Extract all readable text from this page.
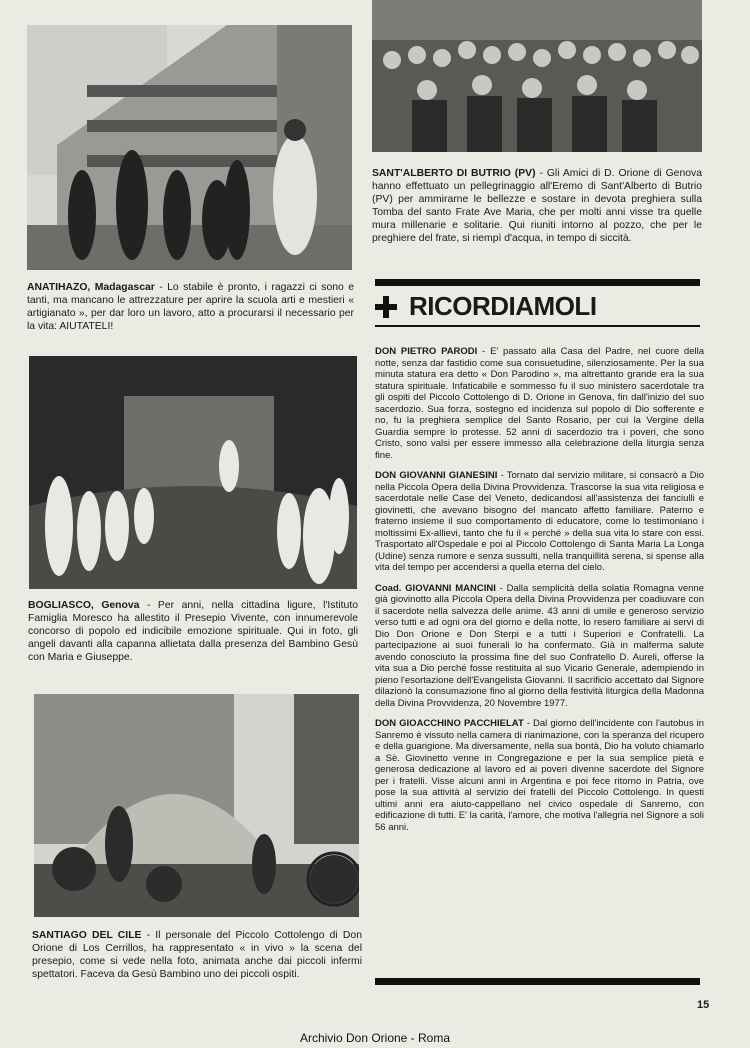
ANATIHAZO, Madagascar - Lo stabile è pronto, i ragazzi ci sono e tanti, ma mancano le attrezzature per aprire la scuola arti e mestieri « artigianato », per dar loro un lavoro, atto a procurarsi il necessario per la vita: AIUTATELI!

BOGLIASCO, Genova - Per anni, nella cittadina ligure, l'Istituto Famiglia Moresco ha allestito il Presepio Vivente, con innumerevole concorso di popolo ed indicibile emozione spirituale. Qui in foto, gli angeli davanti alla capanna allietata dalla presenza del Bambino Gesù con Maria e Giuseppe.

SANTIAGO DEL CILE - Il personale del Piccolo Cottolengo di Don Orione di Los Cerrillos, ha rappresentato « in vivo » la scena del presepio, come si vede nella foto, animata anche dai piccoli infermi spettatori. Faceva da Gesù Bambino uno dei piccoli ospiti.

SANT'ALBERTO DI BUTRIO (PV) - Gli Amici di D. Orione di Genova hanno effettuato un pellegrinaggio all'Eremo di Sant'Alberto di Butrio (PV) per ammirarne le bellezze e sostare in devota preghiera sulla Tomba del santo Frate Ave Maria, che per molti anni visse tra quelle mura millenarie e solitarie. Qui riuniti intorno al pozzo, che per le preghiere del frate, si riempì d'acqua, in tempo di siccità.

RICORDIAMOLI

DON PIETRO PARODI - E' passato alla Casa del Padre, nel cuore della notte, senza dar fastidio come sua consuetudine, silenziosamente. Per la sua minuta statura era detto « Don Parodino », ma altrettanto grande era la sua statura spirituale. Infaticabile e sommesso fu il suo ministero sacerdotale tra gli ospiti del Piccolo Cottolengo di D. Orione in Genova, fin dall'inizio del suo sacerdozio. Sua forza, sostegno ed incidenza sul popolo di Dio sofferente e no, fu la preghiera semplice del Santo Rosario, per cui la Vergine della Guardia sempre lo protesse. 52 anni di sacerdozio tra i poveri, che sono Cristo, sono valsi per essere immesso alla celebrazione della liturgia senza fine.

DON GIOVANNI GIANESINI - Tornato dal servizio militare, si consacrò a Dio nella Piccola Opera della Divina Provvidenza. Trascorse la sua vita religiosa e sacerdotale nelle Case del Veneto, dedicandosi all'assistenza dei fanciulli e giovinetti, che avevano bisogno del mancato affetto familiare. Paterno e fraterno insieme il suo comportamento di educatore, come lo testimoniano i moltissimi Ex-allievi, tanto che fu il « perché » della sua vita lo stare con essi. Trasportato all'Ospedale e poi al Piccolo Cottolengo di Santa Maria La Longa (Udine) senza rumore e senza sussulti, nella tranquillità serena, si spense alla vita del tempo per accendersi a quella eterna del cielo.

Coad. GIOVANNI MANCINI - Dalla semplicità della solatia Romagna venne già giovinotto alla Piccola Opera della Divina Provvidenza per coadiuvare con il sacerdote nella salvezza delle anime. 43 anni di umile e generoso servizio verso tutti e ad ogni ora del giorno e della notte, lo resero familiare ai servi di Dio Don Orione e Don Sterpi e a tutti i Superiori e Confratelli. La partecipazione ai suoi funerali lo ha confermato. Già in malferma salute avendo conosciuto la prossima fine del suo Confratello D. Aureli, offerse la vita sua a Dio perché fosse restituita al suo Vicario Generale, adempiendo in pieno l'esortazione dell'Evangelista Giovanni. Il sacrificio accettato dal Signore dilazionò la consumazione fino al giorno della festività liturgica della Madonna della Divina Provvidenza, 20 Novembre 1977.

DON GIOACCHINO PACCHIELAT - Dal giorno dell'incidente con l'autobus in Sanremo è vissuto nella camera di rianimazione, con la speranza del ricupero e della guarigione. Ma diversamente, nella sua bontà, Dio ha voluto chiamarlo a Sè. Giovinetto venne in Congregazione e per la sua semplice pietà e generosa dedicazione al lavoro ed ai poveri divenne sacerdote del Signore per i fratelli. Visse alcuni anni in Argentina e poi fece ritorno in Patria, ove pose la sua attività al servizio dei fratelli del Piccolo Cottolengo. In questi ultimi anni era aiuto-cappellano nel civico ospedale di Sanremo, con edificazione di tutti. E' la carità, l'amore, che motiva l'allegria nel Signore a soli 56 anni.

15
Archivio Don Orione - Roma
